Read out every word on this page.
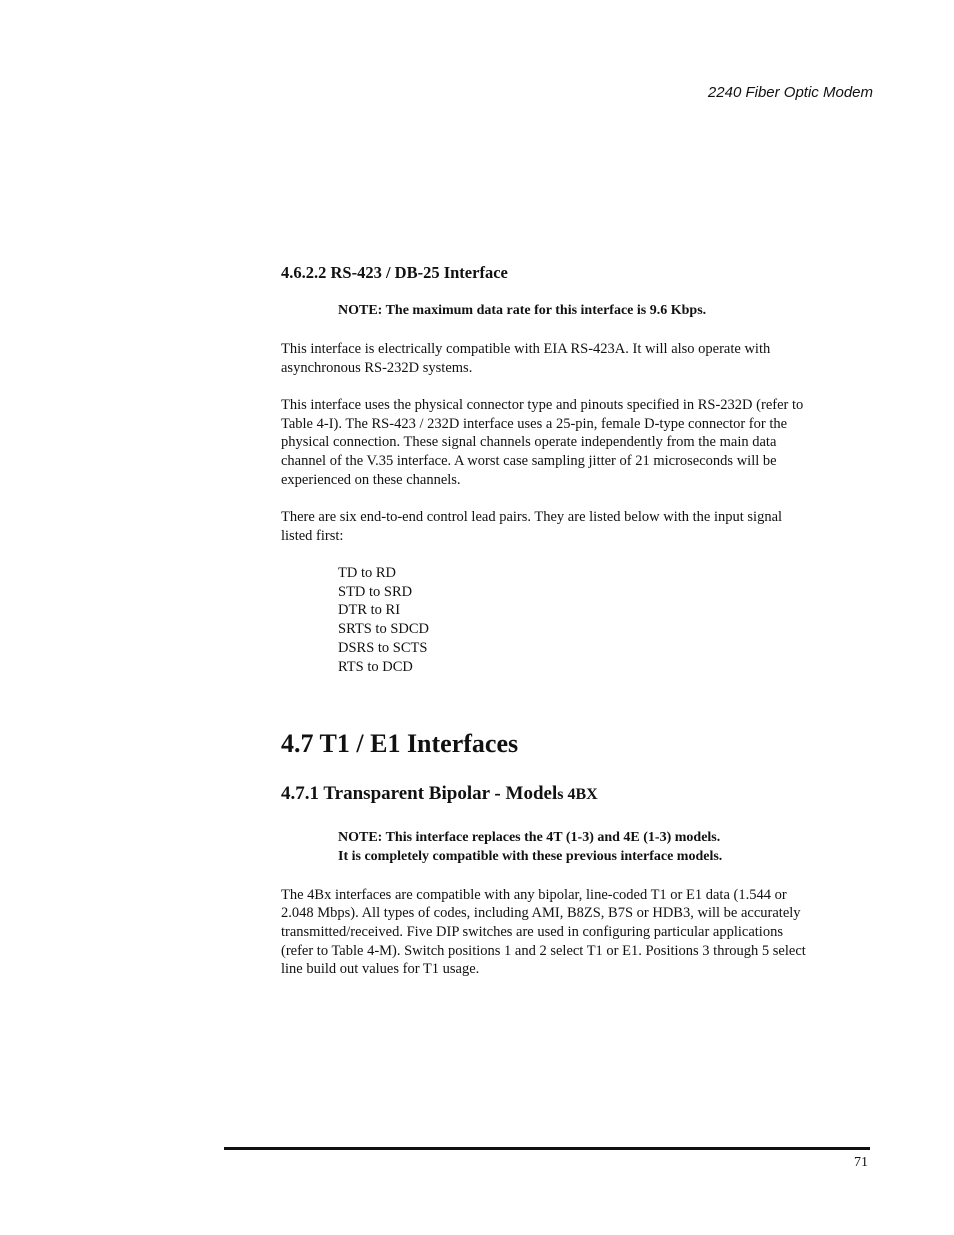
2240 Fiber Optic Modem
4.6.2.2 RS-423 / DB-25 Interface
NOTE: The maximum data rate for this interface is 9.6 Kbps.

This interface is electrically compatible with EIA RS-423A. It will also operate with asynchronous RS-232D systems.

This interface uses the physical connector type and pinouts specified in RS-232D (refer to Table 4-I). The RS-423 / 232D interface uses a 25-pin, female D-type connector for the physical connection. These signal channels operate independently from the main data channel of the V.35 interface. A worst case sampling jitter of 21 microseconds will be experienced on these channels.

There are six end-to-end control lead pairs. They are listed below with the input signal listed first:

TD to RD
STD to SRD
DTR to RI
SRTS to SDCD
DSRS to SCTS
RTS to DCD
4.7 T1 / E1 Interfaces
4.7.1 Transparent Bipolar - Models 4BX
NOTE: This interface replaces the 4T (1-3) and 4E (1-3) models.
It is completely compatible with these previous interface models.

The 4Bx interfaces are compatible with any bipolar, line-coded T1 or E1 data (1.544 or 2.048 Mbps). All types of codes, including AMI, B8ZS, B7S or HDB3, will be accurately transmitted/received. Five DIP switches are used in configuring particular applications (refer to Table 4-M). Switch positions 1 and 2 select T1 or E1. Positions 3 through 5 select line build out values for T1 usage.

71
